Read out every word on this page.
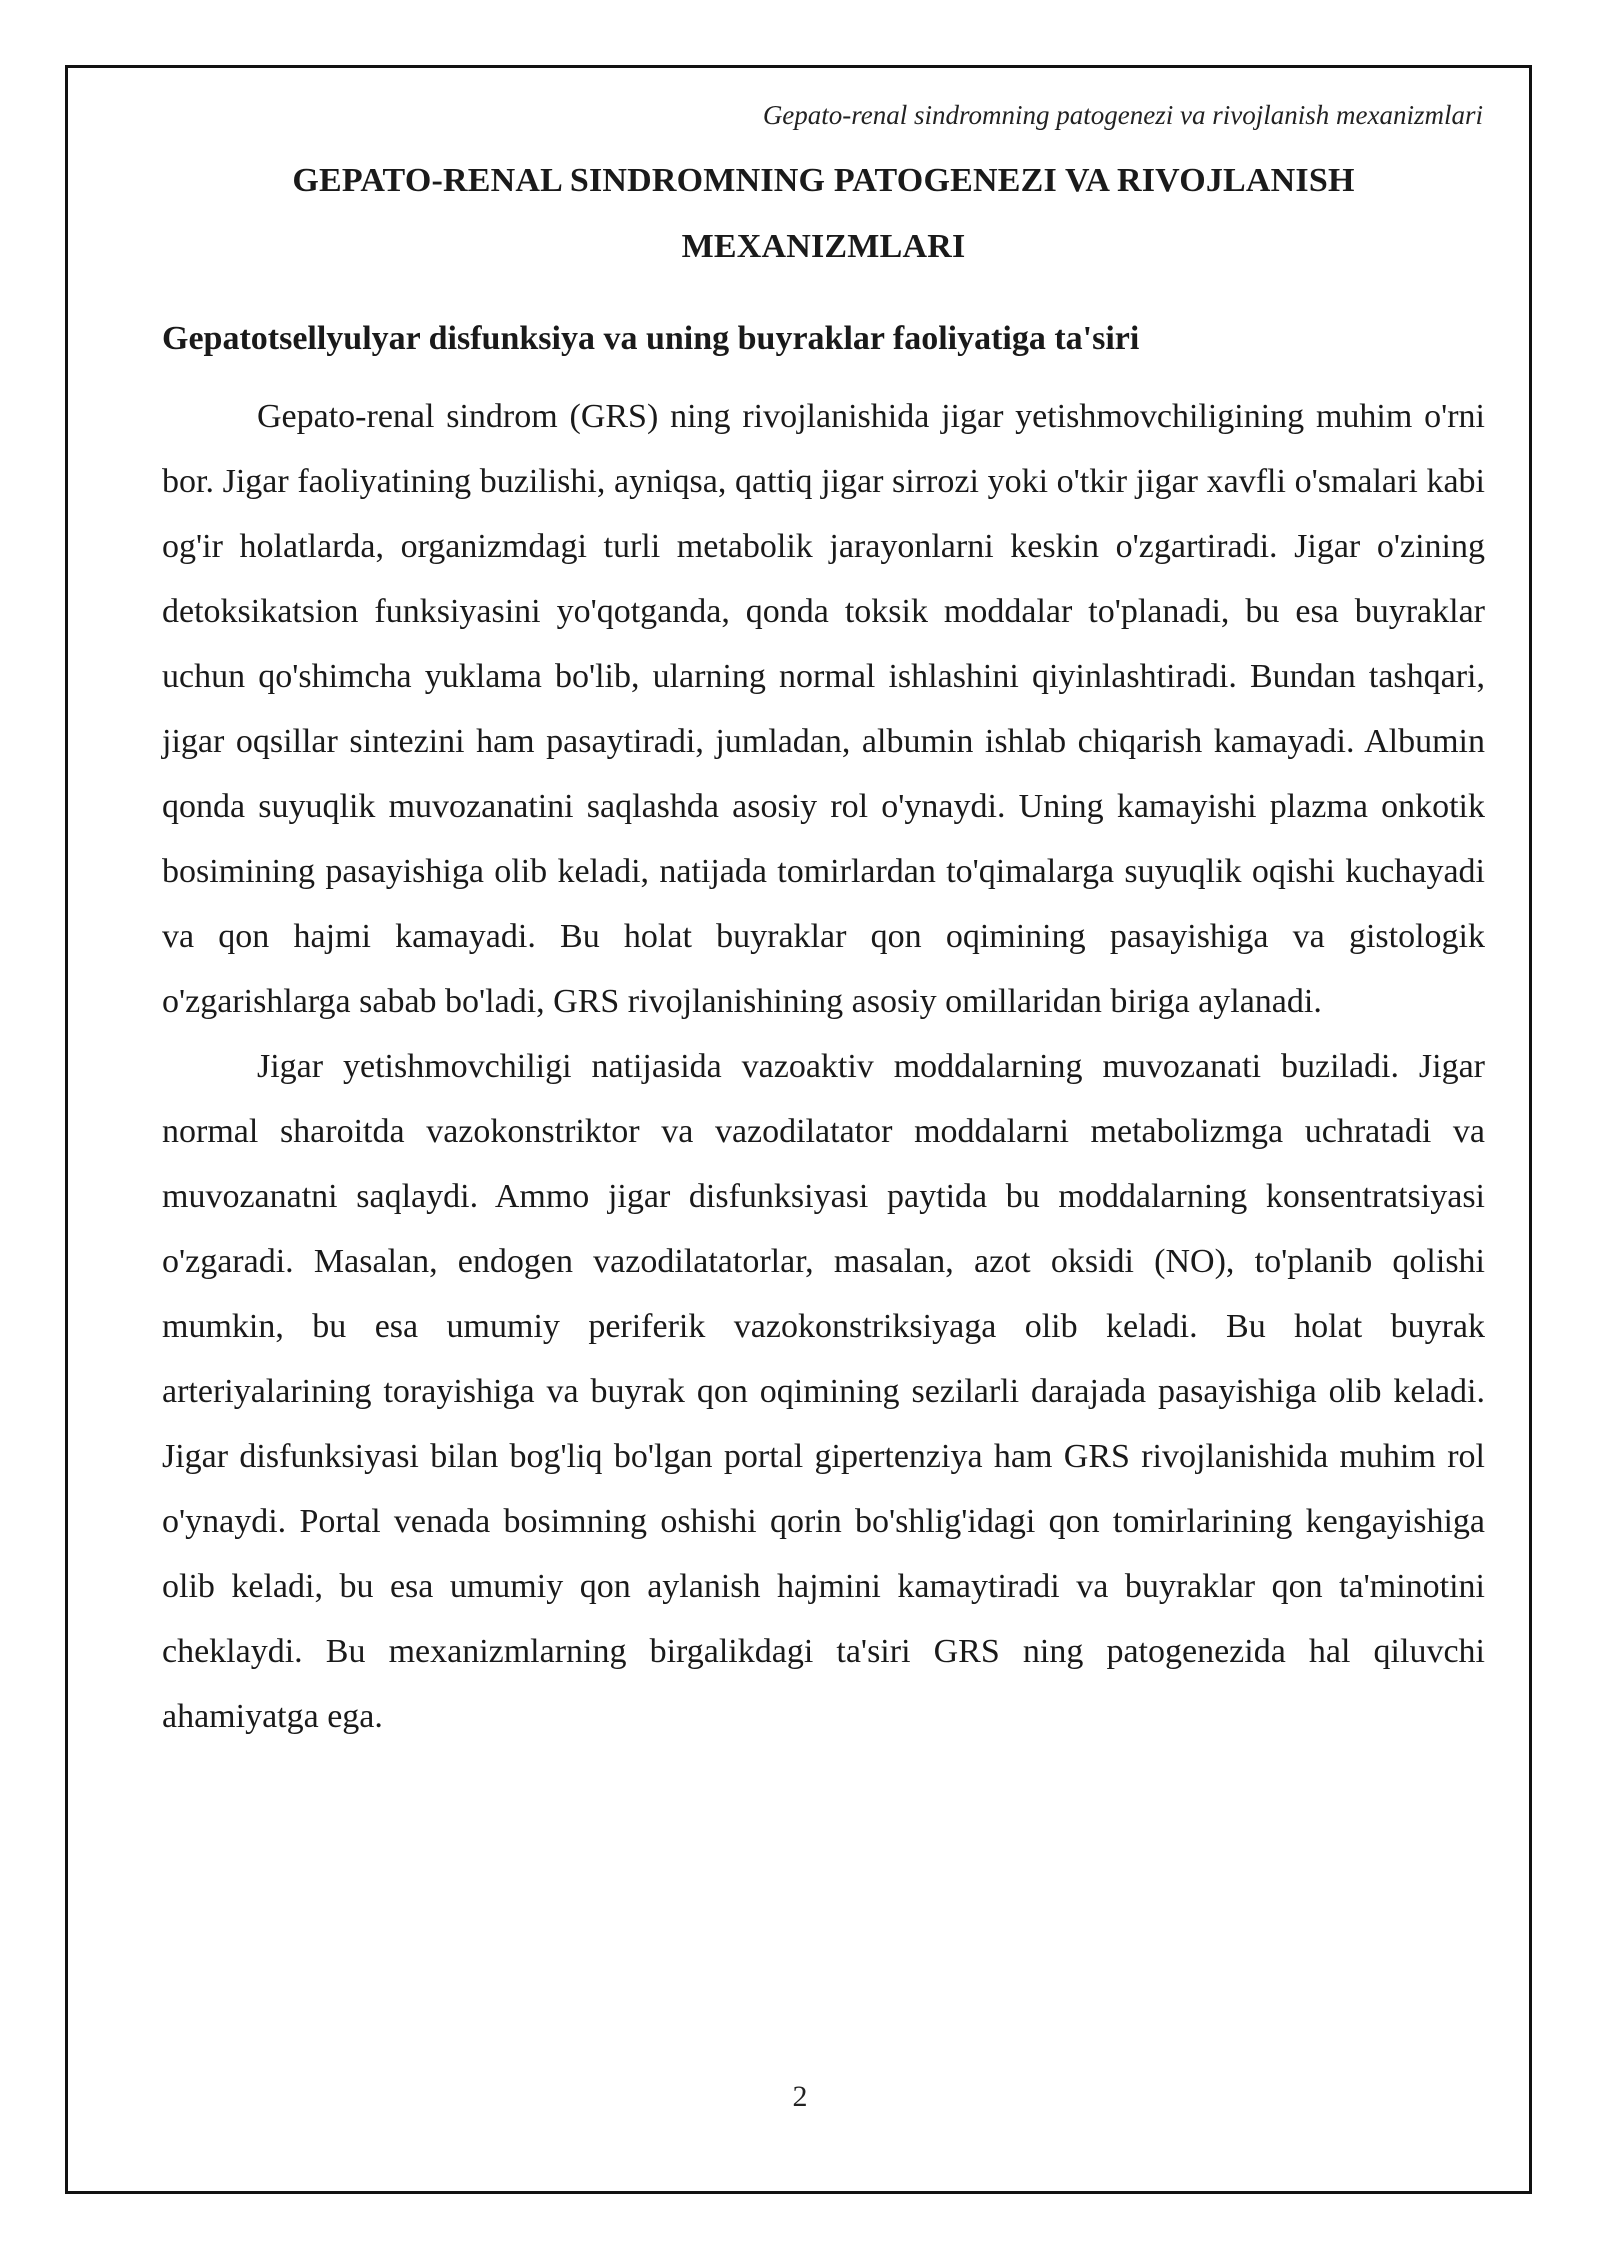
Gepato-renal sindromning patogenezi va rivojlanish mexanizmlari
GEPATO-RENAL SINDROMNING PATOGENEZI VA RIVOJLANISH MEXANIZMLARI
Gepatotsellyulyar disfunksiya va uning buyraklar faoliyatiga ta'siri

Gepato-renal sindrom (GRS) ning rivojlanishida jigar yetishmovchiligining muhim o'rni bor. Jigar faoliyatining buzilishi, ayniqsa, qattiq jigar sirrozi yoki o'tkir jigar xavfli o'smalari kabi og'ir holatlarda, organizmdagi turli metabolik jarayonlarni keskin o'zgartiradi. Jigar o'zining detoksikatsion funksiyasini yo'qotganda, qonda toksik moddalar to'planadi, bu esa buyraklar uchun qo'shimcha yuklama bo'lib, ularning normal ishlashini qiyinlashtiradi. Bundan tashqari, jigar oqsillar sintezini ham pasaytiradi, jumladan, albumin ishlab chiqarish kamayadi. Albumin qonda suyuqlik muvozanatini saqlashda asosiy rol o'ynaydi. Uning kamayishi plazma onkotik bosimining pasayishiga olib keladi, natijada tomirlardan to'qimalarga suyuqlik oqishi kuchayadi va qon hajmi kamayadi. Bu holat buyraklar qon oqimining pasayishiga va gistologik o'zgarishlarga sabab bo'ladi, GRS rivojlanishining asosiy omillaridan biriga aylanadi.

Jigar yetishmovchiligi natijasida vazoaktiv moddalarning muvozanati buziladi. Jigar normal sharoitda vazokonstriktor va vazodilatator moddalarni metabolizmga uchratadi va muvozanatni saqlaydi. Ammo jigar disfunksiyasi paytida bu moddalarning konsentratsiyasi o'zgaradi. Masalan, endogen vazodilatatorlar, masalan, azot oksidi (NO), to'planib qolishi mumkin, bu esa umumiy periferik vazokonstriksiyaga olib keladi. Bu holat buyrak arteriyalarining torayishiga va buyrak qon oqimining sezilarli darajada pasayishiga olib keladi. Jigar disfunksiyasi bilan bog'liq bo'lgan portal gipertenziya ham GRS rivojlanishida muhim rol o'ynaydi. Portal venada bosimning oshishi qorin bo'shlig'idagi qon tomirlarining kengayishiga olib keladi, bu esa umumiy qon aylanish hajmini kamaytiradi va buyraklar qon ta'minotini cheklaydi. Bu mexanizmlarning birgalikdagi ta'siri GRS ning patogenezida hal qiluvchi ahamiyatga ega.

2
